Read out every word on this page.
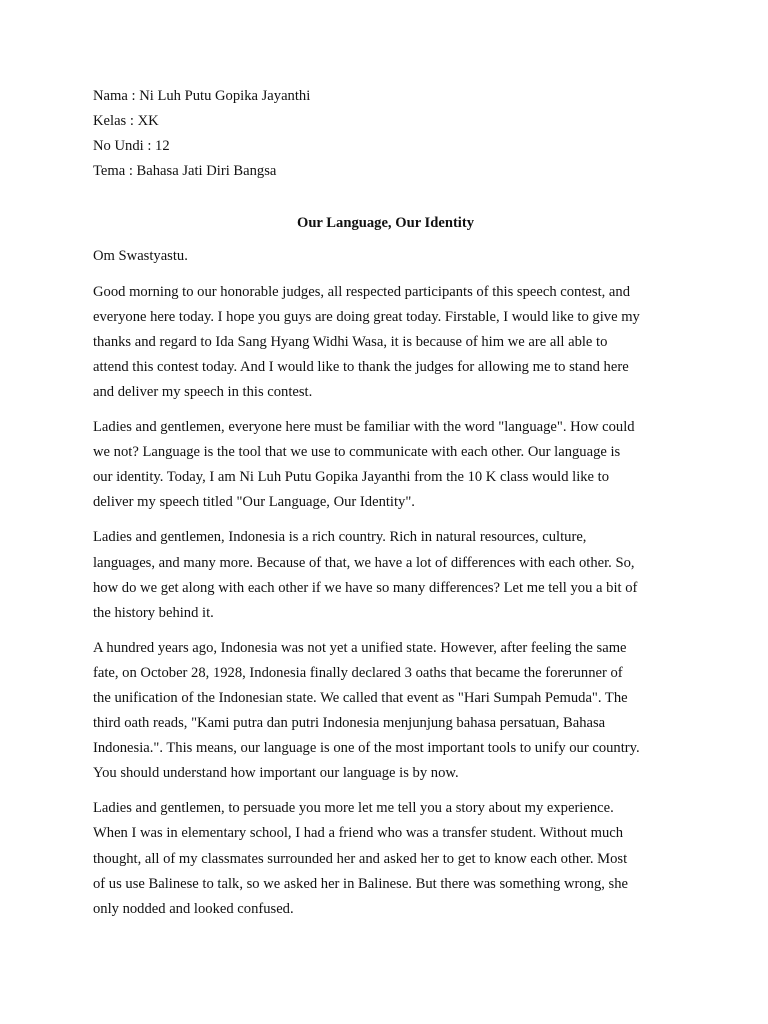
Nama : Ni Luh Putu Gopika Jayanthi

Kelas : XK

No Undi : 12

Tema : Bahasa Jati Diri Bangsa

Our Language, Our Identity

Om Swastyastu.

Good morning to our honorable judges, all respected participants of this speech contest, and
everyone here today. I hope you guys are doing great today. Firstable, I would like to give my
thanks and regard to Ida Sang Hyang Widhi Wasa, it is because of him we are all able to
attend this contest today. And I would like to thank the judges for allowing me to stand here
and deliver my speech in this contest.

Ladies and gentlemen, everyone here must be familiar with the word "language". How could
we not? Language is the tool that we use to communicate with each other. Our language is
our identity. Today, I am Ni Luh Putu Gopika Jayanthi from the 10 K class would like to
deliver my speech titled "Our Language, Our Identity".

Ladies and gentlemen, Indonesia is a rich country. Rich in natural resources, culture,
languages, and many more. Because of that, we have a lot of differences with each other. So,
how do we get along with each other if we have so many differences? Let me tell you a bit of
the history behind it.

A hundred years ago, Indonesia was not yet a unified state. However, after feeling the same
fate, on October 28, 1928, Indonesia finally declared 3 oaths that became the forerunner of
the unification of the Indonesian state. We called that event as "Hari Sumpah Pemuda". The
third oath reads, "Kami putra dan putri Indonesia menjunjung bahasa persatuan, Bahasa
Indonesia.". This means, our language is one of the most important tools to unify our country.
You should understand how important our language is by now.

Ladies and gentlemen, to persuade you more let me tell you a story about my experience.
When I was in elementary school, I had a friend who was a transfer student. Without much
thought, all of my classmates surrounded her and asked her to get to know each other. Most
of us use Balinese to talk, so we asked her in Balinese. But there was something wrong, she
only nodded and looked confused.
